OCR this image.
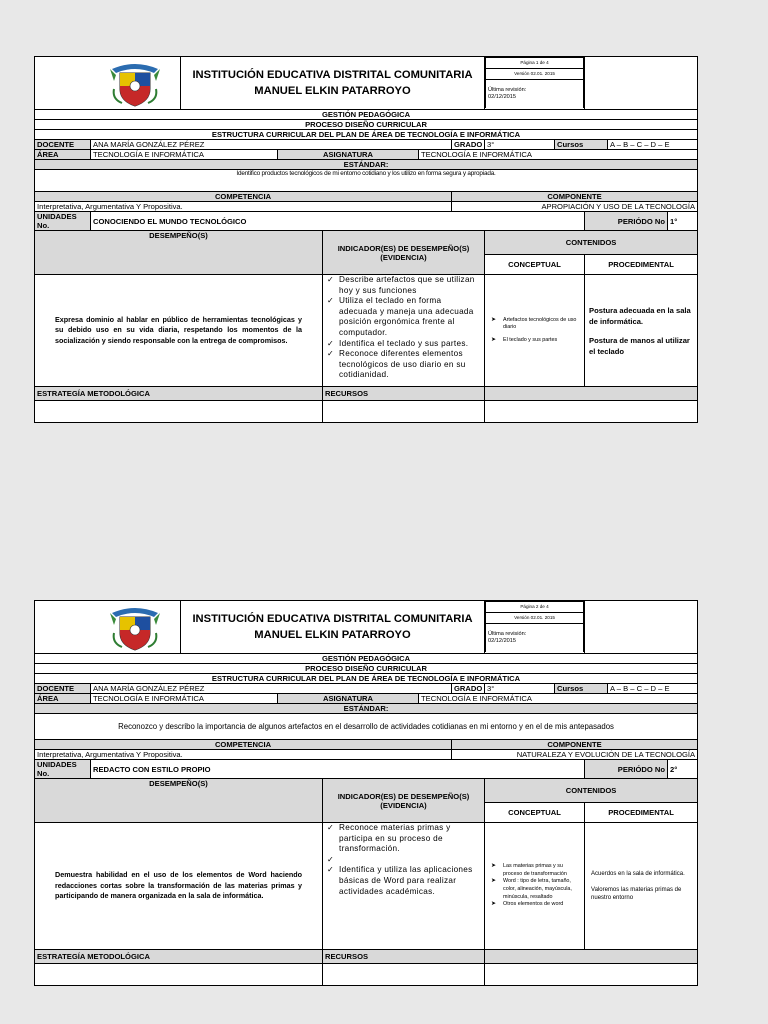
INSTITUCIÓN EDUCATIVA DISTRITAL COMUNITARIA
MANUEL ELKIN PATARROYO

Página 1 de 4
Versión 02.01. 2015
Última revisión:
02/12/2015

GESTIÓN PEDAGÓGICA
PROCESO DISEÑO CURRICULAR
ESTRUCTURA CURRICULAR DEL PLAN DE ÁREA DE TECNOLOGÍA E INFORMÁTICA
DOCENTE	ANA MARÍA GONZÁLEZ PÉREZ	GRADO	3°	Cursos	A – B – C – D – E
ÁREA	TECNOLOGÍA E INFORMÁTICA	ASIGNATURA	TECNOLOGÍA E INFORMÁTICA
ESTÁNDAR:
Identifico productos tecnológicos de mi entorno cotidiano y los utilizo en forma segura y apropiada.
COMPETENCIA	COMPONENTE
Interpretativa, Argumentativa Y Propositiva.	APROPIACIÓN Y USO DE LA TECNOLOGÍA
UNIDADES No.	CONOCIENDO EL MUNDO TECNOLÓGICO	PERIÓDO No	1°
DESEMPEÑO(S)	INDICADOR(ES) DE DESEMPEÑO(S) (EVIDENCIA)	CONTENIDOS
CONCEPTUAL	PROCEDIMENTAL
Expresa dominio al hablar en público de herramientas tecnológicas y su debido uso en su vida diaria, respetando los momentos de la socialización y siendo responsable con la entrega de compromisos.	
✓ Describe artefactos que se utilizan hoy y sus funciones
✓ Utiliza el teclado en forma adecuada y maneja una adecuada posición ergonómica frente al computador.
✓ Identifica el teclado y sus partes.
✓ Reconoce diferentes elementos tecnológicos de uso diario en su cotidianidad.

➤ Artefactos tecnológicos de uso diario
➤ El teclado y sus partes

Postura adecuada en la sala de informática.
Postura de manos al utilizar el teclado

ESTRATEGÍA METODOLÓGICA	RECURSOS	

INSTITUCIÓN EDUCATIVA DISTRITAL COMUNITARIA
MANUEL ELKIN PATARROYO

Página 2 de 4
Versión 02.01. 2015
Última revisión:
02/12/2015

GESTIÓN PEDAGÓGICA
PROCESO DISEÑO CURRICULAR
ESTRUCTURA CURRICULAR DEL PLAN DE ÁREA DE TECNOLOGÍA E INFORMÁTICA
DOCENTE	ANA MARÍA GONZÁLEZ PÉREZ	GRADO	3°	Cursos	A – B – C – D – E
ÁREA	TECNOLOGÍA E INFORMÁTICA	ASIGNATURA	TECNOLOGÍA E INFORMÁTICA
ESTÁNDAR:
Reconozco y describo la importancia de algunos artefactos en el desarrollo de actividades cotidianas en mi entorno y en el de mis antepasados
COMPETENCIA	COMPONENTE
Interpretativa, Argumentativa Y Propositiva.	NATURALEZA Y EVOLUCIÓN DE LA TECNOLOGÍA
UNIDADES No.	REDACTO CON ESTILO PROPIO	PERIÓDO No	2°
DESEMPEÑO(S)	INDICADOR(ES) DE DESEMPEÑO(S) (EVIDENCIA)	CONTENIDOS
CONCEPTUAL	PROCEDIMENTAL
Demuestra habilidad en el uso de los elementos de Word haciendo redacciones cortas sobre la transformación de las materias primas y participando de manera organizada en la sala de informática.	
✓ Reconoce materias primas y participa en su proceso de transformación.
✓
✓ Identifica y utiliza las aplicaciones básicas de Word para realizar actividades académicas.

➤ Las materias primas y su proceso de transformación
➤ Word : tipo de letra, tamaño, color, alineación, mayúscula, minúscula, resaltado
➤ Otros elementos de word

Acuerdos en la sala de informática.
Valoremos las materias primas de nuestro entorno

ESTRATEGÍA METODOLÓGICA	RECURSOS	
